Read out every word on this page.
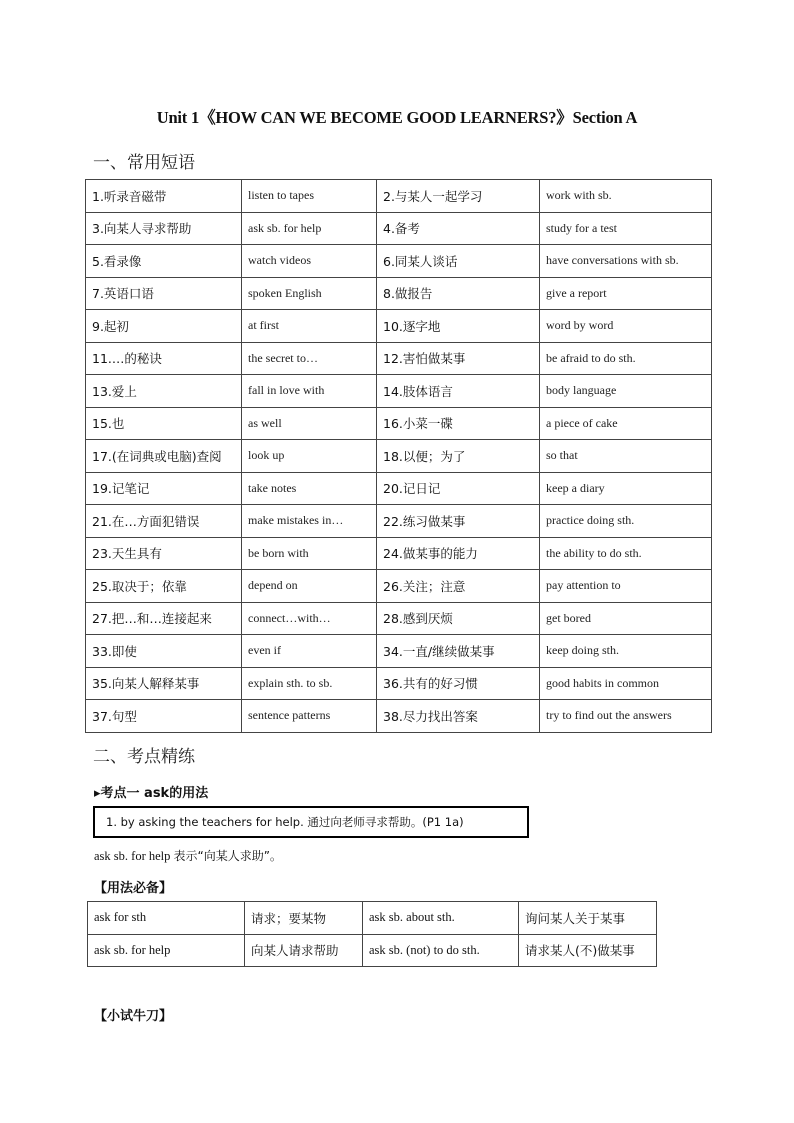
Unit 1《HOW CAN WE BECOME GOOD LEARNERS?》Section A
一、常用短语
1.听录音磁带	listen to tapes	2.与某人一起学习	work with sb.
3.向某人寻求帮助	ask sb. for help	4.备考	study for a test
5.看录像	watch videos	6.同某人谈话	have conversations with sb.
7.英语口语	spoken English	8.做报告	give a report
9.起初	at first	10.逐字地	word by word
11.…的秘诀	the secret to…	12.害怕做某事	be afraid to do sth.
13.爱上	fall in love with	14.肢体语言	body language
15.也	as well	16.小菜一碟	a piece of cake
17.(在词典或电脑)查阅	look up	18.以便；为了	so that
19.记笔记	take notes	20.记日记	keep a diary
21.在…方面犯错误	make mistakes in…	22.练习做某事	practice doing sth.
23.天生具有	be born with	24.做某事的能力	the ability to do sth.
25.取决于；依靠	depend on	26.关注；注意	pay attention to
27.把…和…连接起来	connect…with…	28.感到厌烦	get bored
33.即使	even if	34.一直/继续做某事	keep doing sth.
35.向某人解释某事	explain sth. to sb.	36.共有的好习惯	good habits in common
37.句型	sentence patterns	38.尽力找出答案	try to find out the answers
二、考点精练
▸考点一 ask的用法
1. by asking the teachers for help. 通过向老师寻求帮助。(P1 1a)
ask sb. for help 表示“向某人求助”。
【用法必备】
ask for sth	请求；要某物	ask sb. about sth.	询问某人关于某事
ask sb. for help	向某人请求帮助	ask sb. (not) to do sth.	请求某人(不)做某事
【小试牛刀】
